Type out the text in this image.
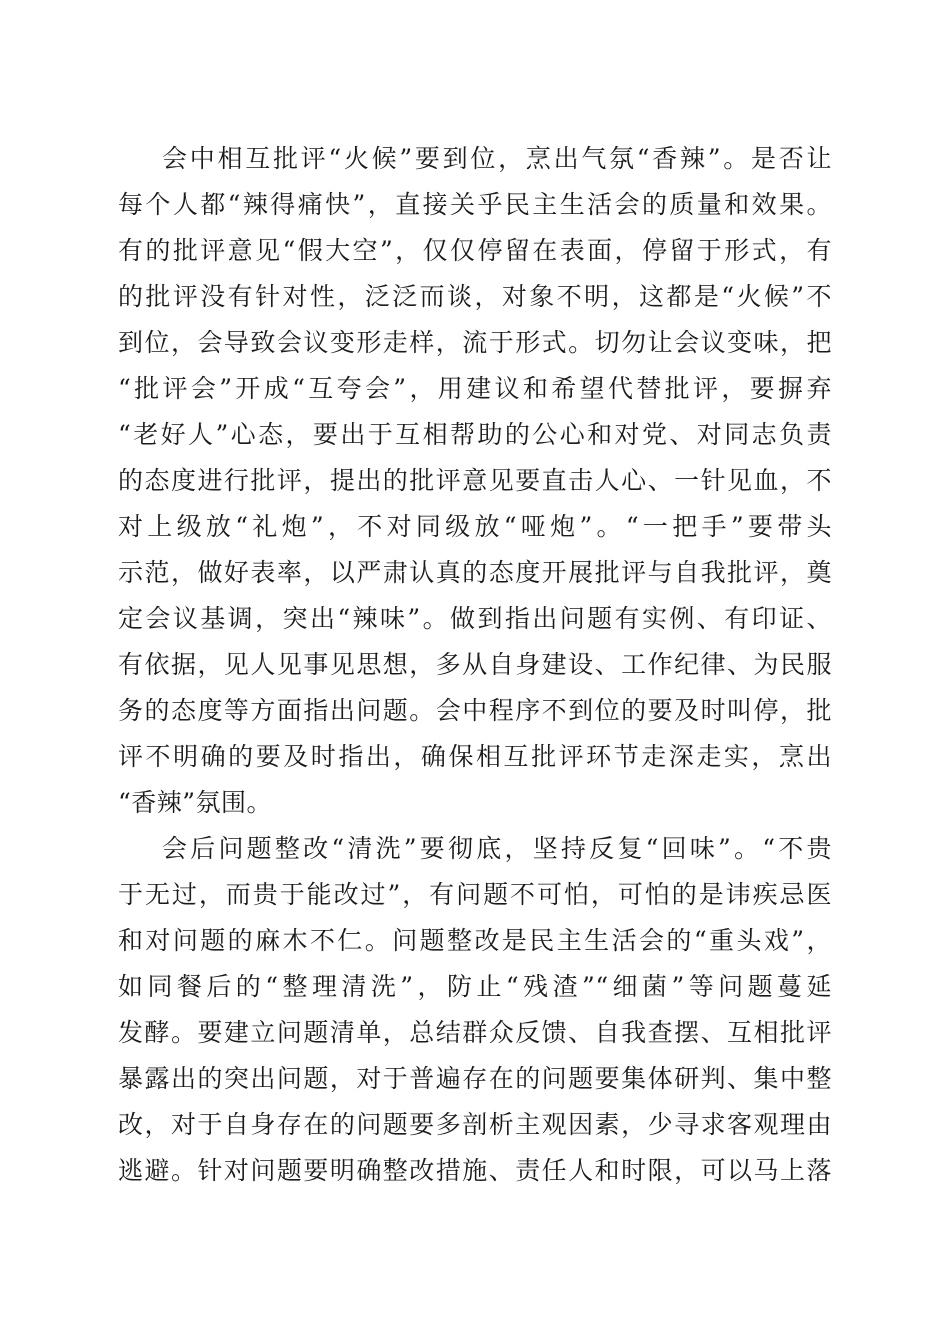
会中相互批评“火候”要到位，烹出气氛“香辣”。是否让
每个人都“辣得痛快”，直接关乎民主生活会的质量和效果。
有的批评意见“假大空”，仅仅停留在表面，停留于形式，有
的批评没有针对性，泛泛而谈，对象不明，这都是“火候”不
到位，会导致会议变形走样，流于形式。切勿让会议变味，把
“批评会”开成“互夸会”，用建议和希望代替批评，要摒弃
“老好人”心态，要出于互相帮助的公心和对党、对同志负责
的态度进行批评，提出的批评意见要直击人心、一针见血，不
对上级放“礼炮”，不对同级放“哑炮”。“一把手”要带头
示范，做好表率，以严肃认真的态度开展批评与自我批评，奠
定会议基调，突出“辣味”。做到指出问题有实例、有印证、
有依据，见人见事见思想，多从自身建设、工作纪律、为民服
务的态度等方面指出问题。会中程序不到位的要及时叫停，批
评不明确的要及时指出，确保相互批评环节走深走实，烹出
“香辣”氛围。
会后问题整改“清洗”要彻底，坚持反复“回味”。“不贵
于无过，而贵于能改过”，有问题不可怕，可怕的是讳疾忌医
和对问题的麻木不仁。问题整改是民主生活会的“重头戏”，
如同餐后的“整理清洗”，防止“残渣”“细菌”等问题蔓延
发酵。要建立问题清单，总结群众反馈、自我查摆、互相批评
暴露出的突出问题，对于普遍存在的问题要集体研判、集中整
改，对于自身存在的问题要多剖析主观因素，少寻求客观理由
逃避。针对问题要明确整改措施、责任人和时限，可以马上落
